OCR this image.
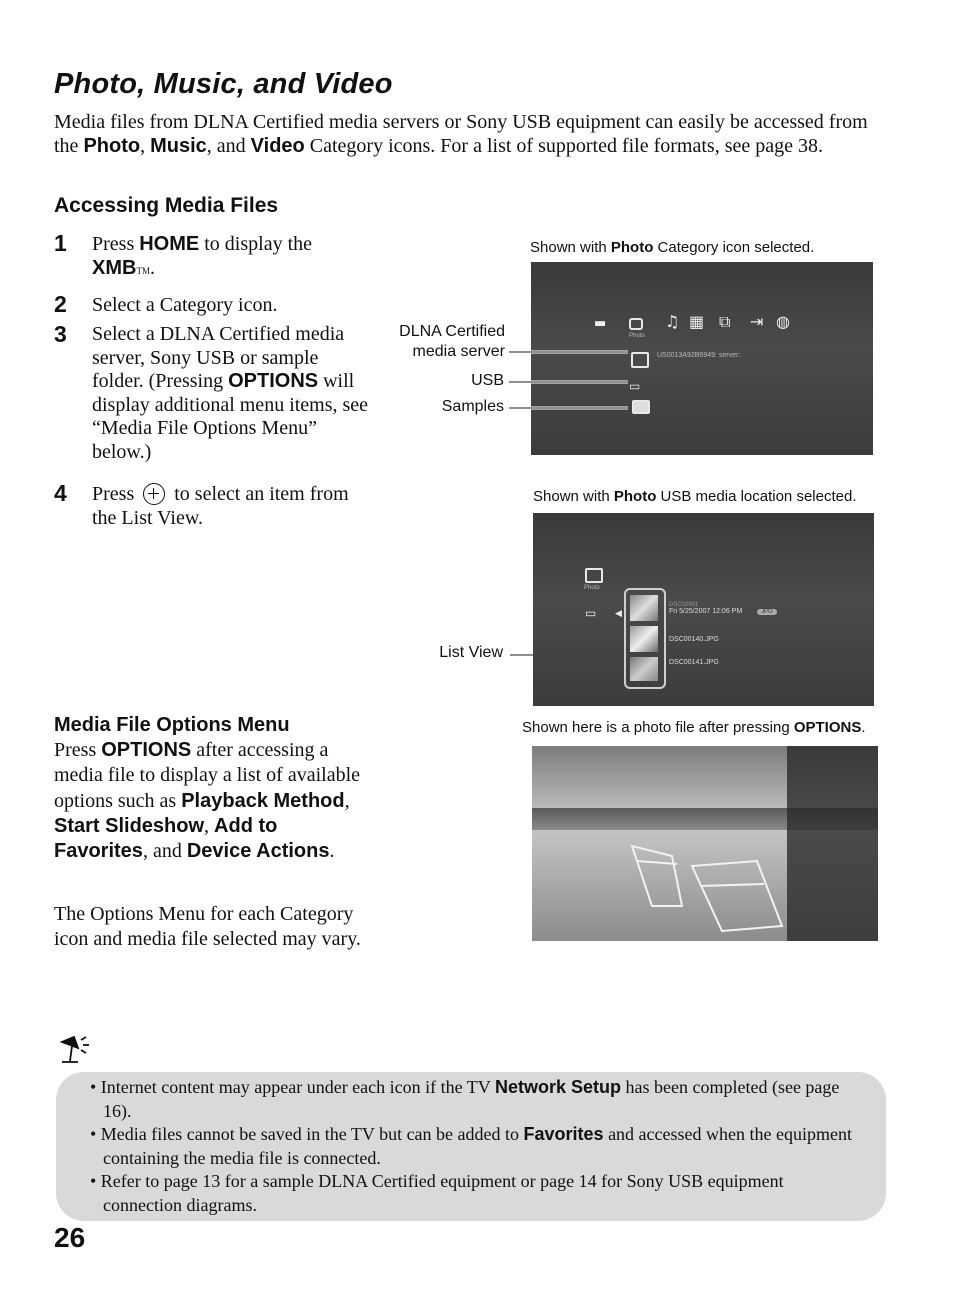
Photo, Music, and Video
Media files from DLNA Certified media servers or Sony USB equipment can easily be accessed from the Photo, Music, and Video Category icons. For a list of supported file formats, see page 38.
Accessing Media Files
1 Press HOME to display the
XMBTM.
2 Select a Category icon.
3 Select a DLNA Certified media server, Sony USB or sample folder. (Pressing OPTIONS will display additional menu items, see “Media File Options Menu” below.)
4 Press
to select an item from the List View.
Media File Options Menu
Press OPTIONS after accessing a media file to display a list of available options such as Playback Method, Start Slideshow, Add to Favorites, and Device Actions.
The Options Menu for each Category icon and media file selected may vary.
Shown with Photo Category icon selected.
▬
Photo
♫ ▦ ⧉ ⇥ ◍
US0013A92B6949: server:
▭
DLNA Certified
media server
USB
Samples
Shown with Photo USB media location selected.
Photo
▭ ◀
DSC02991
Fri 5/25/2007 12:06 PM	JPG
DSC00140.JPG
DSC00141.JPG
List View
Shown here is a photo file after pressing OPTIONS.
• Internet content may appear under each icon if the TV Network Setup has been completed (see page 16).
• Media files cannot be saved in the TV but can be added to Favorites and accessed when the equipment containing the media file is connected.
• Refer to page 13 for a sample DLNA Certified equipment or page 14 for Sony USB equipment connection diagrams.
26
